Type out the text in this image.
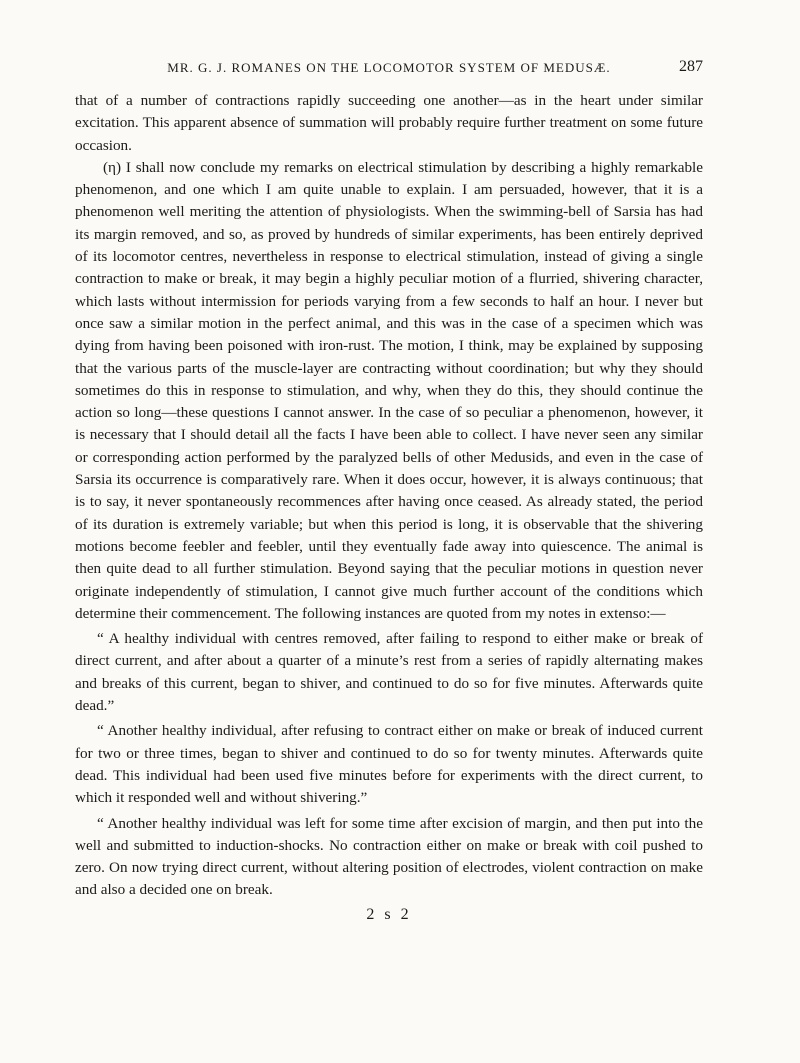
MR. G. J. ROMANES ON THE LOCOMOTOR SYSTEM OF MEDUSÆ.	287

that of a number of contractions rapidly succeeding one another—as in the heart under similar excitation. This apparent absence of summation will probably require further treatment on some future occasion.

(η) I shall now conclude my remarks on electrical stimulation by describing a highly remarkable phenomenon, and one which I am quite unable to explain. I am persuaded, however, that it is a phenomenon well meriting the attention of physiologists. When the swimming-bell of Sarsia has had its margin removed, and so, as proved by hundreds of similar experiments, has been entirely deprived of its locomotor centres, nevertheless in response to electrical stimulation, instead of giving a single contraction to make or break, it may begin a highly peculiar motion of a flurried, shivering character, which lasts without intermission for periods varying from a few seconds to half an hour. I never but once saw a similar motion in the perfect animal, and this was in the case of a specimen which was dying from having been poisoned with iron-rust. The motion, I think, may be explained by supposing that the various parts of the muscle-layer are contracting without coordination; but why they should sometimes do this in response to stimulation, and why, when they do this, they should continue the action so long—these questions I cannot answer. In the case of so peculiar a phenomenon, however, it is necessary that I should detail all the facts I have been able to collect. I have never seen any similar or corresponding action performed by the paralyzed bells of other Medusids, and even in the case of Sarsia its occurrence is comparatively rare. When it does occur, however, it is always continuous; that is to say, it never spontaneously recommences after having once ceased. As already stated, the period of its duration is extremely variable; but when this period is long, it is observable that the shivering motions become feebler and feebler, until they eventually fade away into quiescence. The animal is then quite dead to all further stimulation. Beyond saying that the peculiar motions in question never originate independently of stimulation, I cannot give much further account of the conditions which determine their commencement. The following instances are quoted from my notes in extenso:—

“ A healthy individual with centres removed, after failing to respond to either make or break of direct current, and after about a quarter of a minute’s rest from a series of rapidly alternating makes and breaks of this current, began to shiver, and continued to do so for five minutes. Afterwards quite dead.”

“ Another healthy individual, after refusing to contract either on make or break of induced current for two or three times, began to shiver and continued to do so for twenty minutes. Afterwards quite dead. This individual had been used five minutes before for experiments with the direct current, to which it responded well and without shivering.”

“ Another healthy individual was left for some time after excision of margin, and then put into the well and submitted to induction-shocks. No contraction either on make or break with coil pushed to zero. On now trying direct current, without altering position of electrodes, violent contraction on make and also a decided one on break.

2 s 2
